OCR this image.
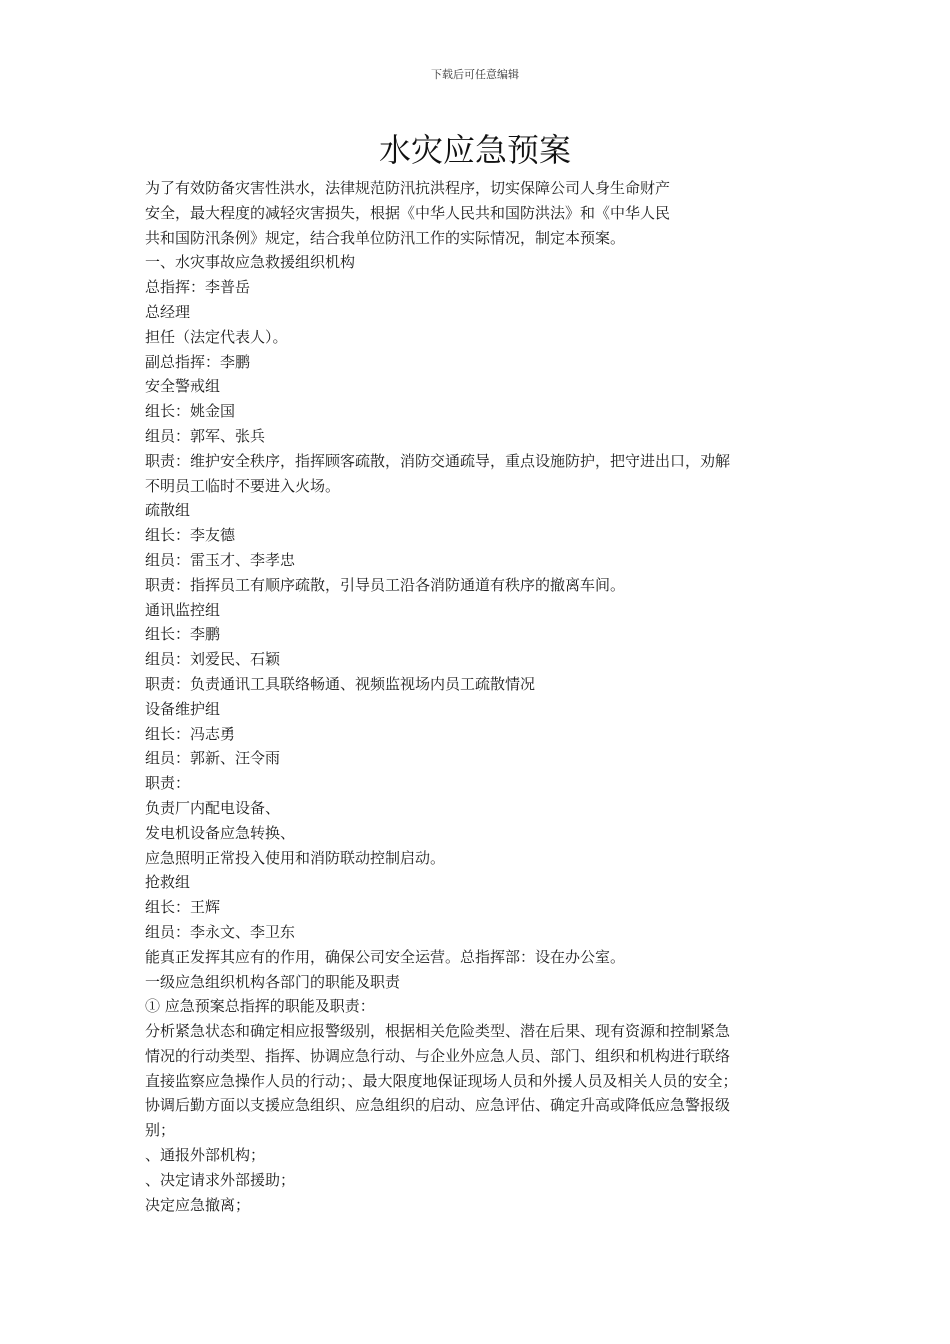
下载后可任意编辑
水灾应急预案

为了有效防备灾害性洪水，法律规范防汛抗洪程序，切实保障公司人身生命财产

安全，最大程度的减轻灾害损失，根据《中华人民共和国防洪法》和《中华人民

共和国防汛条例》规定，结合我单位防汛工作的实际情况，制定本预案。

一、水灾事故应急救援组织机构

总指挥：李普岳

总经理

担任（法定代表人）。

副总指挥：李鹏

安全警戒组

组长：姚金国

组员：郭军、张兵

职责：维护安全秩序，指挥顾客疏散，消防交通疏导，重点设施防护，把守进出口，劝解

不明员工临时不要进入火场。

疏散组

组长：李友德

组员：雷玉才、李孝忠

职责：指挥员工有顺序疏散，引导员工沿各消防通道有秩序的撤离车间。

通讯监控组

组长：李鹏

组员：刘爱民、石颖

职责：负责通讯工具联络畅通、视频监视场内员工疏散情况

设备维护组

组长：冯志勇

组员：郭新、汪令雨

职责：

负责厂内配电设备、

发电机设备应急转换、

应急照明正常投入使用和消防联动控制启动。

抢救组

组长：王辉

组员：李永文、李卫东

能真正发挥其应有的作用，确保公司安全运营。总指挥部：设在办公室。

一级应急组织机构各部门的职能及职责

① 应急预案总指挥的职能及职责：

分析紧急状态和确定相应报警级别，根据相关危险类型、潜在后果、现有资源和控制紧急

情况的行动类型、指挥、协调应急行动、与企业外应急人员、部门、组织和机构进行联络

直接监察应急操作人员的行动；、最大限度地保证现场人员和外援人员及相关人员的安全；

协调后勤方面以支援应急组织、应急组织的启动、应急评估、确定升高或降低应急警报级

别；

、通报外部机构；

、决定请求外部援助；

决定应急撤离；
